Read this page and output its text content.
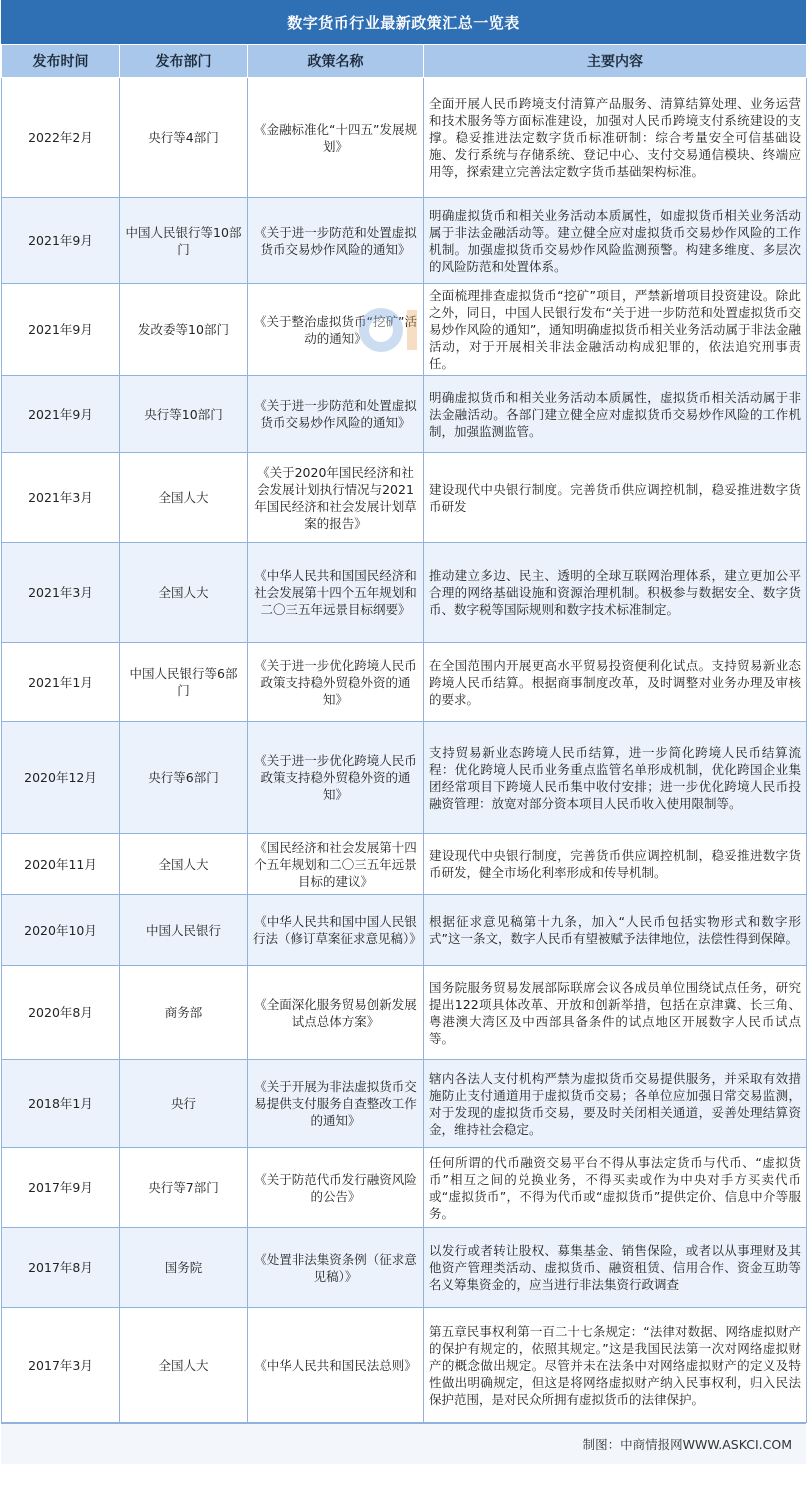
数字货币行业最新政策汇总一览表
发布时间	发布部门	政策名称	主要内容
2022年2月	央行等4部门	《金融标准化“十四五”发展规划》	全面开展人民币跨境支付清算产品服务、清算结算处理、业务运营和技术服务等方面标准建设，加强对人民币跨境支付系统建设的支撑。稳妥推进法定数字货币标准研制：综合考量安全可信基础设施、发行系统与存储系统、登记中心、支付交易通信模块、终端应用等，探索建立完善法定数字货币基础架构标准。
2021年9月	中国人民银行等10部门	《关于进一步防范和处置虚拟货币交易炒作风险的通知》	明确虚拟货币和相关业务活动本质属性，如虚拟货币相关业务活动属于非法金融活动等。建立健全应对虚拟货币交易炒作风险的工作机制。加强虚拟货币交易炒作风险监测预警。构建多维度、多层次的风险防范和处置体系。
2021年9月	发改委等10部门	《关于整治虚拟货币“挖矿”活动的通知》	全面梳理排查虚拟货币“挖矿”项目，严禁新增项目投资建设。除此之外，同日，中国人民银行发布“关于进一步防范和处置虚拟货币交易炒作风险的通知”，通知明确虚拟货币相关业务活动属于非法金融活动，对于开展相关非法金融活动构成犯罪的，依法追究刑事责任。
2021年9月	央行等10部门	《关于进一步防范和处置虚拟货币交易炒作风险的通知》	明确虚拟货币和相关业务活动本质属性，虚拟货币相关活动属于非法金融活动。各部门建立健全应对虚拟货币交易炒作风险的工作机制，加强监测监管。
2021年3月	全国人大	《关于2020年国民经济和社会发展计划执行情况与2021年国民经济和社会发展计划草案的报告》	建设现代中央银行制度。完善货币供应调控机制，稳妥推进数字货币研发
2021年3月	全国人大	《中华人民共和国国民经济和社会发展第十四个五年规划和二〇三五年远景目标纲要》	推动建立多边、民主、透明的全球互联网治理体系，建立更加公平合理的网络基础设施和资源治理机制。积极参与数据安全、数字货币、数字税等国际规则和数字技术标准制定。
2021年1月	中国人民银行等6部门	《关于进一步优化跨境人民币政策支持稳外贸稳外资的通知》	在全国范围内开展更高水平贸易投资便利化试点。支持贸易新业态跨境人民币结算。根据商事制度改革，及时调整对业务办理及审核的要求。
2020年12月	央行等6部门	《关于进一步优化跨境人民币政策支持稳外贸稳外资的通知》	支持贸易新业态跨境人民币结算，进一步简化跨境人民币结算流程：优化跨境人民币业务重点监管名单形成机制，优化跨国企业集团经常项目下跨境人民币集中收付安排；进一步优化跨境人民币投融资管理：放宽对部分资本项目人民币收入使用限制等。
2020年11月	全国人大	《国民经济和社会发展第十四个五年规划和二〇三五年远景目标的建议》	建设现代中央银行制度，完善货币供应调控机制，稳妥推进数字货币研发，健全市场化利率形成和传导机制。
2020年10月	中国人民银行	《中华人民共和国中国人民银行法（修订草案征求意见稿）》	根据征求意见稿第十九条，加入“人民币包括实物形式和数字形式”这一条文，数字人民币有望被赋予法律地位，法偿性得到保障。
2020年8月	商务部	《全面深化服务贸易创新发展试点总体方案》	国务院服务贸易发展部际联席会议各成员单位围绕试点任务，研究提出122项具体改革、开放和创新举措，包括在京津冀、长三角、粤港澳大湾区及中西部具备条件的试点地区开展数字人民币试点等。
2018年1月	央行	《关于开展为非法虚拟货币交易提供支付服务自查整改工作的通知》	辖内各法人支付机构严禁为虚拟货币交易提供服务，并采取有效措施防止支付通道用于虚拟货币交易；各单位应加强日常交易监测，对于发现的虚拟货币交易，要及时关闭相关通道，妥善处理结算资金，维持社会稳定。
2017年9月	央行等7部门	《关于防范代币发行融资风险的公告》	任何所谓的代币融资交易平台不得从事法定货币与代币、“虚拟货币”相互之间的兑换业务，不得买卖或作为中央对手方买卖代币或“虚拟货币”，不得为代币或“虚拟货币”提供定价、信息中介等服务。
2017年8月	国务院	《处置非法集资条例（征求意见稿）》	以发行或者转让股权、募集基金、销售保险，或者以从事理财及其他资产管理类活动、虚拟货币、融资租赁、信用合作、资金互助等名义筹集资金的，应当进行非法集资行政调查
2017年3月	全国人大	《中华人民共和国民法总则》	第五章民事权利第一百二十七条规定：“法律对数据、网络虚拟财产的保护有规定的，依照其规定。”这是我国民法第一次对网络虚拟财产的概念做出规定。尽管并未在法条中对网络虚拟财产的定义及特性做出明确规定，但这是将网络虚拟财产纳入民事权利，归入民法保护范围，是对民众所拥有虚拟货币的法律保护。
制图：中商情报网WWW.ASKCI.COM
